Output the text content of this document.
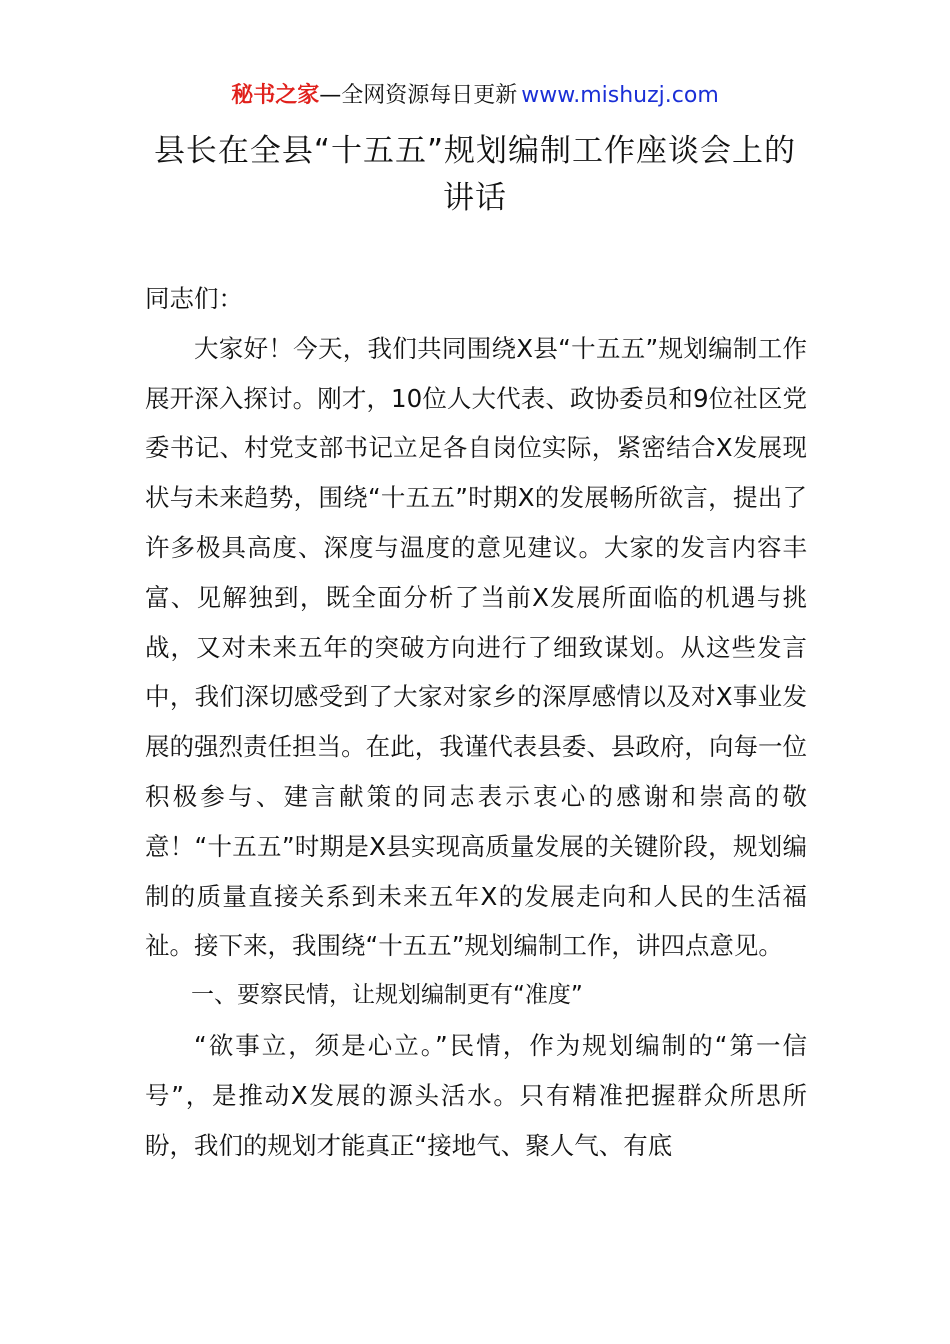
秘书之家—全网资源每日更新 www.mishuzj.com
县长在全县“十五五”规划编制工作座谈会上的讲话

同志们：

大家好！今天，我们共同围绕X县“十五五”规划编制工作展开深入探讨。刚才，10位人大代表、政协委员和9位社区党委书记、村党支部书记立足各自岗位实际，紧密结合X发展现状与未来趋势，围绕“十五五”时期X的发展畅所欲言，提出了许多极具高度、深度与温度的意见建议。大家的发言内容丰富、见解独到，既全面分析了当前X发展所面临的机遇与挑战，又对未来五年的突破方向进行了细致谋划。从这些发言中，我们深切感受到了大家对家乡的深厚感情以及对X事业发展的强烈责任担当。在此，我谨代表县委、县政府，向每一位积极参与、建言献策的同志表示衷心的感谢和崇高的敬意！“十五五”时期是X县实现高质量发展的关键阶段，规划编制的质量直接关系到未来五年X的发展走向和人民的生活福祉。接下来，我围绕“十五五”规划编制工作，讲四点意见。

一、要察民情，让规划编制更有“准度”

“欲事立，须是心立。”民情，作为规划编制的“第一信号”，是推动X发展的源头活水。只有精准把握群众所思所盼，我们的规划才能真正“接地气、聚人气、有底
